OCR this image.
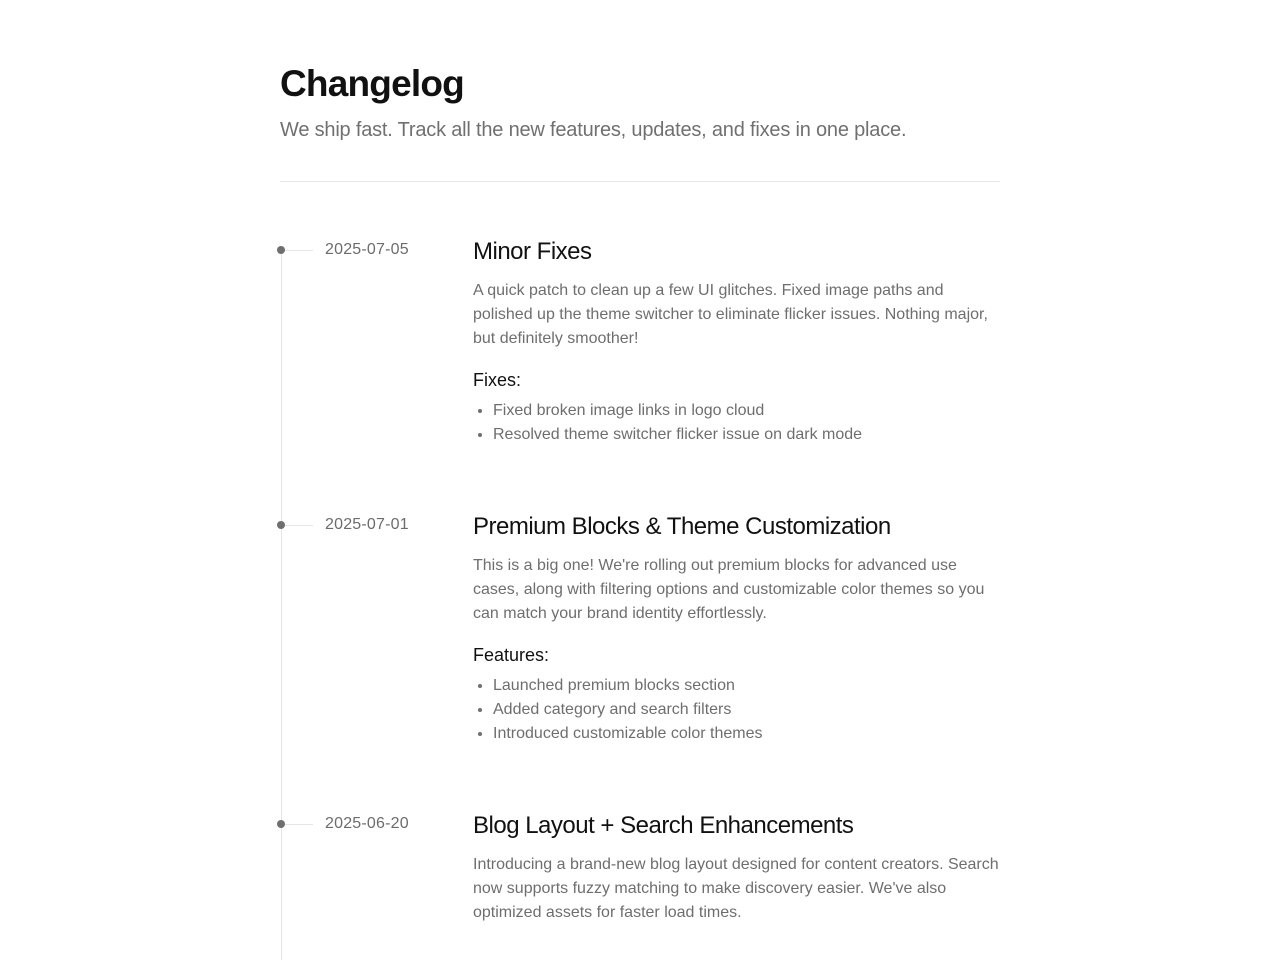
Changelog

We ship fast. Track all the new features, updates, and fixes in one place.

2025-07-05	Minor Fixes

A quick patch to clean up a few UI glitches. Fixed image paths and polished up the theme switcher to eliminate flicker issues. Nothing major, but definitely smoother!

Fixes:

• Fixed broken image links in logo cloud
• Resolved theme switcher flicker issue on dark mode
2025-07-01	Premium Blocks & Theme Customization

This is a big one! We're rolling out premium blocks for advanced use cases, along with filtering options and customizable color themes so you can match your brand identity effortlessly.

Features:

• Launched premium blocks section
• Added category and search filters
• Introduced customizable color themes
2025-06-20	Blog Layout + Search Enhancements

Introducing a brand-new blog layout designed for content creators. Search now supports fuzzy matching to make discovery easier. We've also optimized assets for faster load times.
